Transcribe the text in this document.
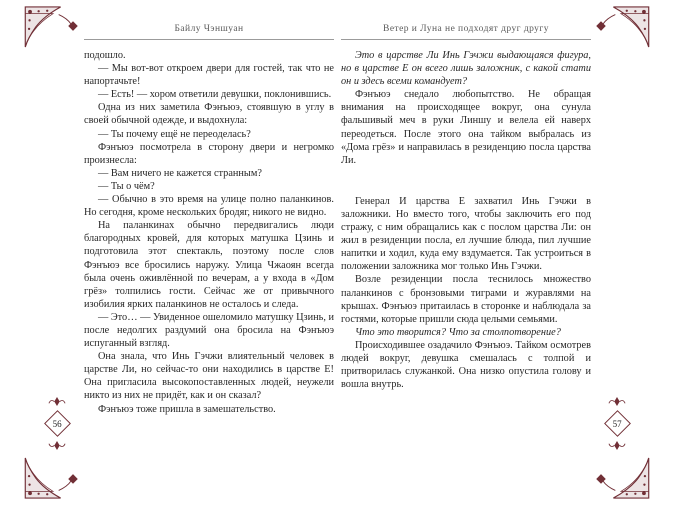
56	57
Байлу Чэншуан

подошло.

— Мы вот-вот откроем двери для гостей, так что не напортачьте!

— Есть! — хором ответили девушки, поклонившись.

Одна из них заметила Фэнъюэ, стоявшую в углу в своей обычной одежде, и выдохнула:

— Ты почему ещё не переоделась?

Фэнъюэ посмотрела в сторону двери и негромко произнесла:

— Вам ничего не кажется странным?

— Ты о чём?

— Обычно в это время на улице полно паланкинов. Но сегодня, кроме нескольких бродяг, никого не видно.

На паланкинах обычно передвигались люди благородных кровей, для которых матушка Цзинь и подготовила этот спектакль, поэтому после слов Фэнъюэ все бросились наружу. Улица Чжаоян всегда была очень оживлённой по вечерам, а у входа в «Дом грёз» толпились гости. Сейчас же от привычного изобилия ярких паланкинов не осталось и следа.

— Это… — Увиденное ошеломило матушку Цзинь, и после недолгих раздумий она бросила на Фэнъюэ испуганный взгляд.

Она знала, что Инь Гэчжи влиятельный человек в царстве Ли, но сейчас-то они находились в царстве Е! Она пригласила высокопоставленных людей, неужели никто из них не придёт, как и он сказал?

Фэнъюэ тоже пришла в замешательство.

Ветер и Луна не подходят друг другу

Это в царстве Ли Инь Гэчжи выдающаяся фигура, но в царстве Е он всего лишь заложник, с какой стати он и здесь всеми командует?

Фэнъюэ снедало любопытство. Не обращая внимания на происходящее вокруг, она сунула фальшивый меч в руки Линшу и велела ей наверх переодеться. После этого она тайком выбралась из «Дома грёз» и направилась в резиденцию посла царства Ли.

Генерал И царства Е захватил Инь Гэчжи в заложники. Но вместо того, чтобы заключить его под стражу, с ним обращались как с послом царства Ли: он жил в резиденции посла, ел лучшие блюда, пил лучшие напитки и ходил, куда ему вздумается. Так устроиться в положении заложника мог только Инь Гэчжи.

Возле резиденции посла теснилось множество паланкинов с бронзовыми тиграми и журавлями на крышах. Фэнъюэ притаилась в сторонке и наблюдала за гостями, которые пришли сюда целыми семьями.

Что это творится? Что за столпотворение?

Происходившее озадачило Фэнъюэ. Тайком осмотрев людей вокруг, девушка смешалась с толпой и притворилась служанкой. Она низко опустила голову и вошла внутрь.
